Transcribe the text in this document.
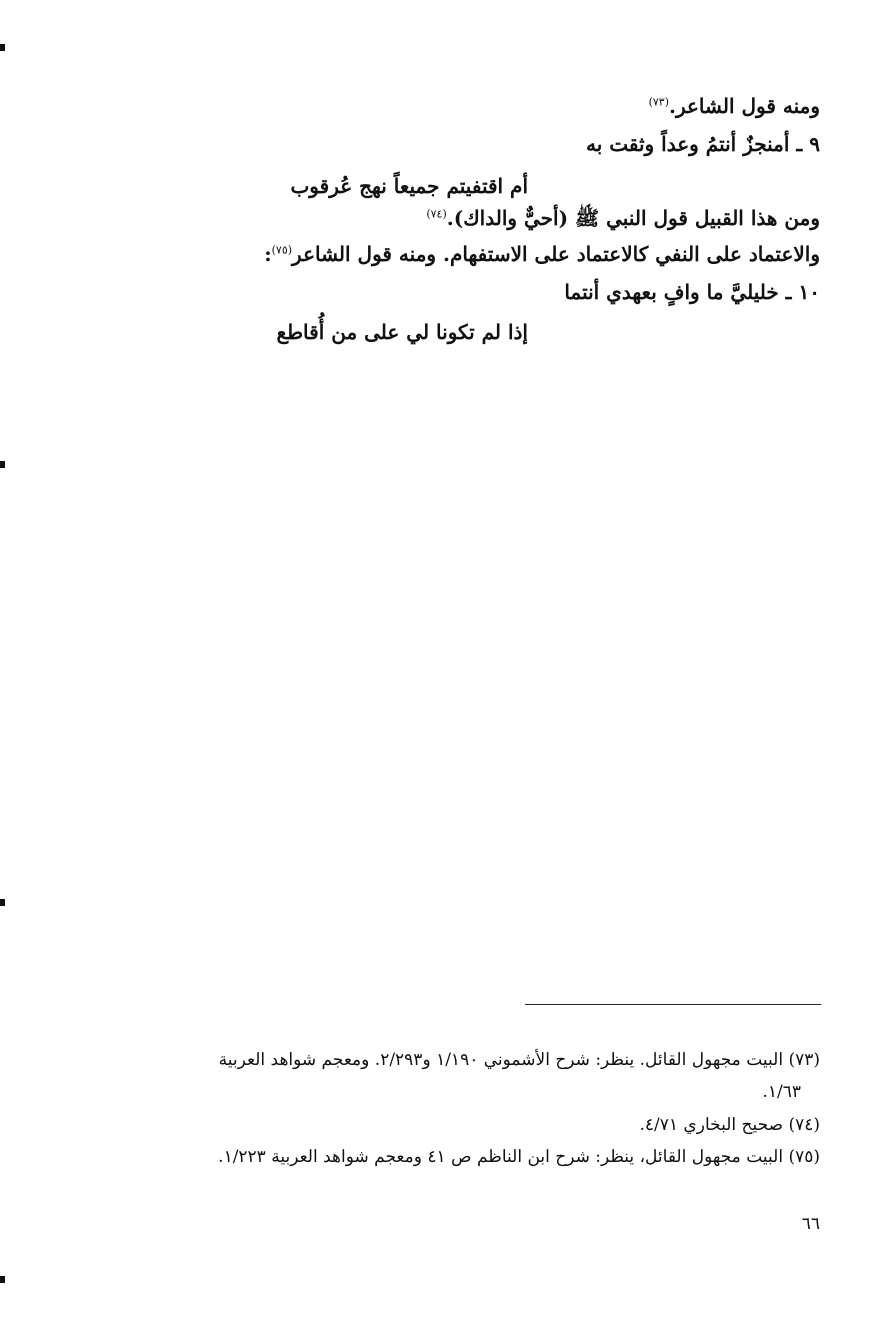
ومنه قول الشاعر.$^{(٧٣)}$
٩ ـ أمنجزٌ أنتمُ وعداً وثقت به
أم اقتفيتم جميعاً نهج عُرقوب
ومن هذا القبيل قول النبي ﷺ (أحيٌّ والداك).$^{(٧٤)}$
والاعتماد على النفي كالاعتماد على الاستفهام. ومنه قول الشاعر$^{(٧٥)}$:
١٠ ـ خليليَّ ما وافٍ بعهدي أنتما
إذا لم تكونا لي على من أُقاطع
(٧٣) البيت مجهول القائل. ينظر: شرح الأشموني ١/١٩٠ و٢/٢٩٣. ومعجم شواهد العربية
١/٦٣.
(٧٤) صحيح البخاري ٤/٧١.
(٧٥) البيت مجهول القائل، ينظر: شرح ابن الناظم ص ٤١ ومعجم شواهد العربية ١/٢٢٣.
٦٦
